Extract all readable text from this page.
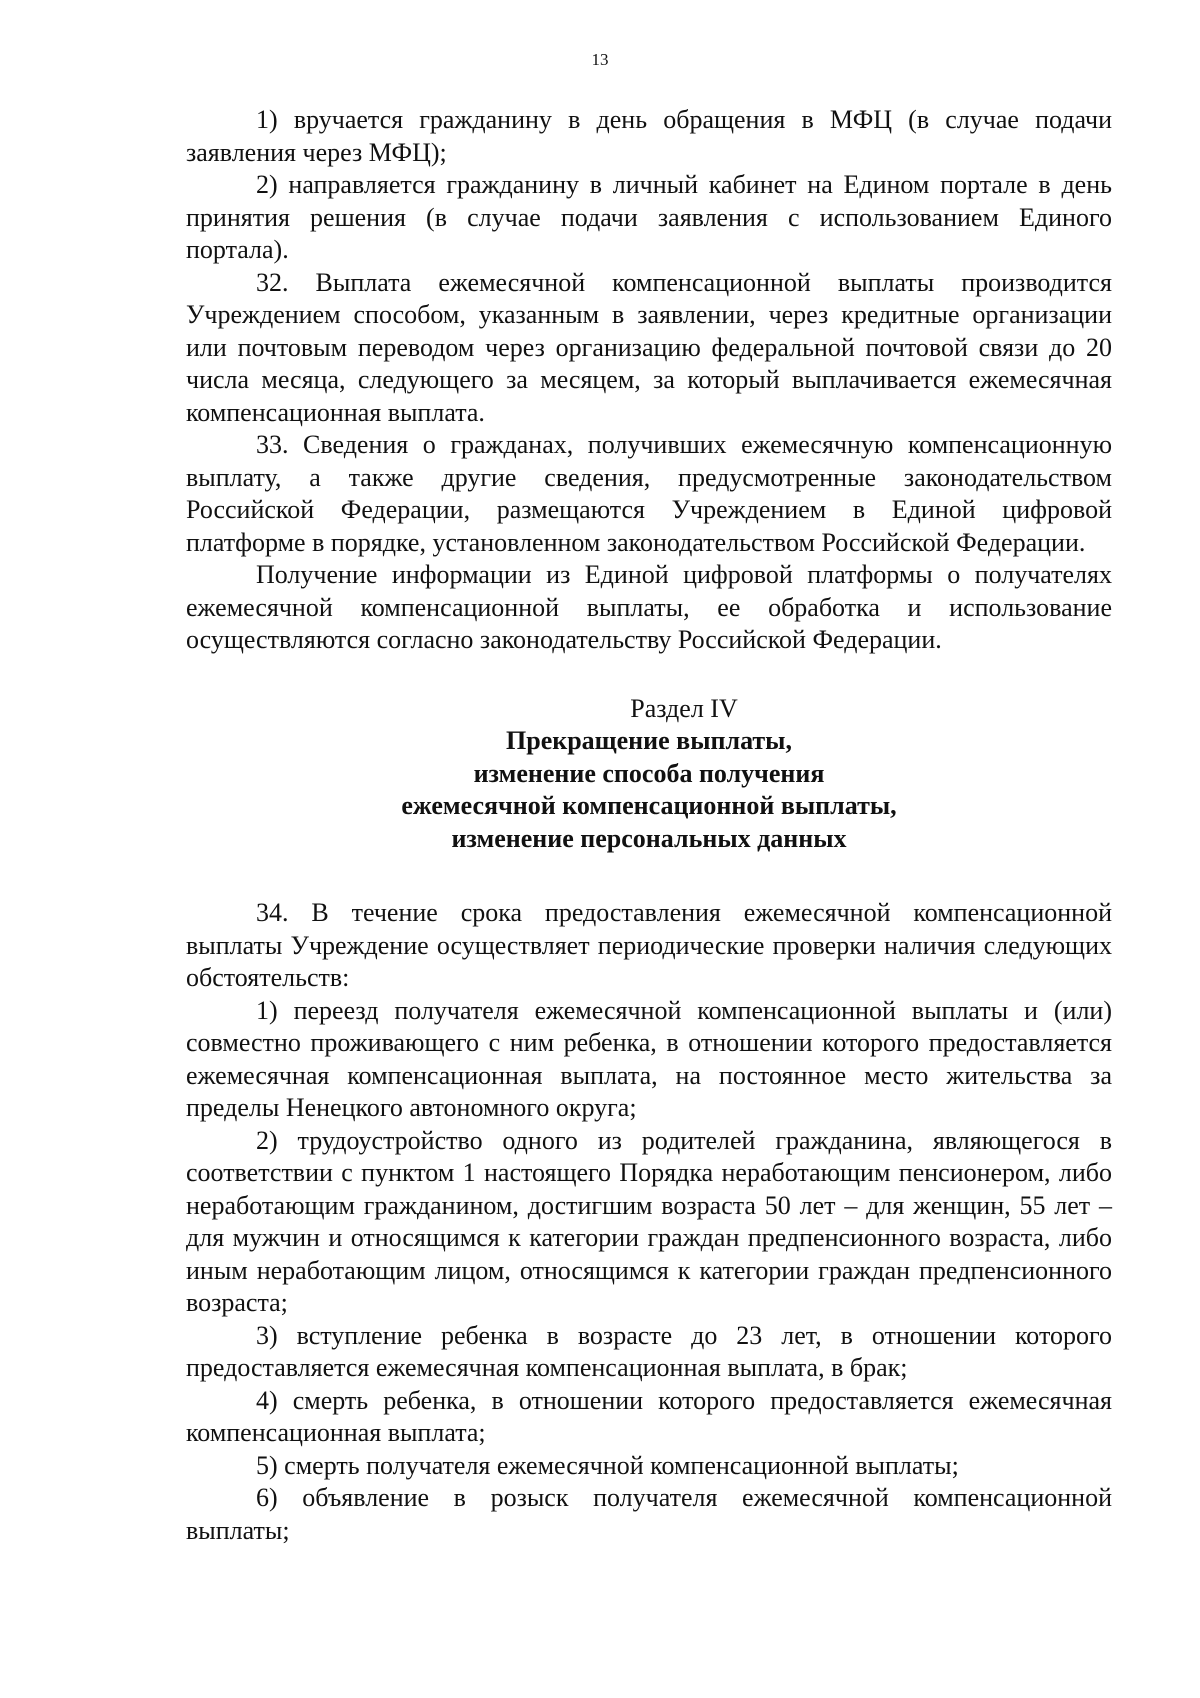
13

1) вручается гражданину в день обращения в МФЦ (в случае подачи заявления через МФЦ);

2) направляется гражданину в личный кабинет на Едином портале в день принятия решения (в случае подачи заявления с использованием Единого портала).

32. Выплата ежемесячной компенсационной выплаты производится Учреждением способом, указанным в заявлении, через кредитные организации или почтовым переводом через организацию федеральной почтовой связи до 20 числа месяца, следующего за месяцем, за который выплачивается ежемесячная компенсационная выплата.

33. Сведения о гражданах, получивших ежемесячную компенсационную выплату, а также другие сведения, предусмотренные законодательством Российской Федерации, размещаются Учреждением в Единой цифровой платформе в порядке, установленном законодательством Российской Федерации.

Получение информации из Единой цифровой платформы о получателях ежемесячной компенсационной выплаты, ее обработка и использование осуществляются согласно законодательству Российской Федерации.

Раздел IV

Прекращение выплаты,
изменение способа получения
ежемесячной компенсационной выплаты,
изменение персональных данных

34. В течение срока предоставления ежемесячной компенсационной выплаты Учреждение осуществляет периодические проверки наличия следующих обстоятельств:

1) переезд получателя ежемесячной компенсационной выплаты и (или) совместно проживающего с ним ребенка, в отношении которого предоставляется ежемесячная компенсационная выплата, на постоянное место жительства за пределы Ненецкого автономного округа;

2) трудоустройство одного из родителей гражданина, являющегося в соответствии с пунктом 1 настоящего Порядка неработающим пенсионером, либо неработающим гражданином, достигшим возраста 50 лет – для женщин, 55 лет – для мужчин и относящимся к категории граждан предпенсионного возраста, либо иным неработающим лицом, относящимся к категории граждан предпенсионного возраста;

3) вступление ребенка в возрасте до 23 лет, в отношении которого предоставляется ежемесячная компенсационная выплата, в брак;

4) смерть ребенка, в отношении которого предоставляется ежемесячная компенсационная выплата;

5) смерть получателя ежемесячной компенсационной выплаты;

6) объявление в розыск получателя ежемесячной компенсационной выплаты;
